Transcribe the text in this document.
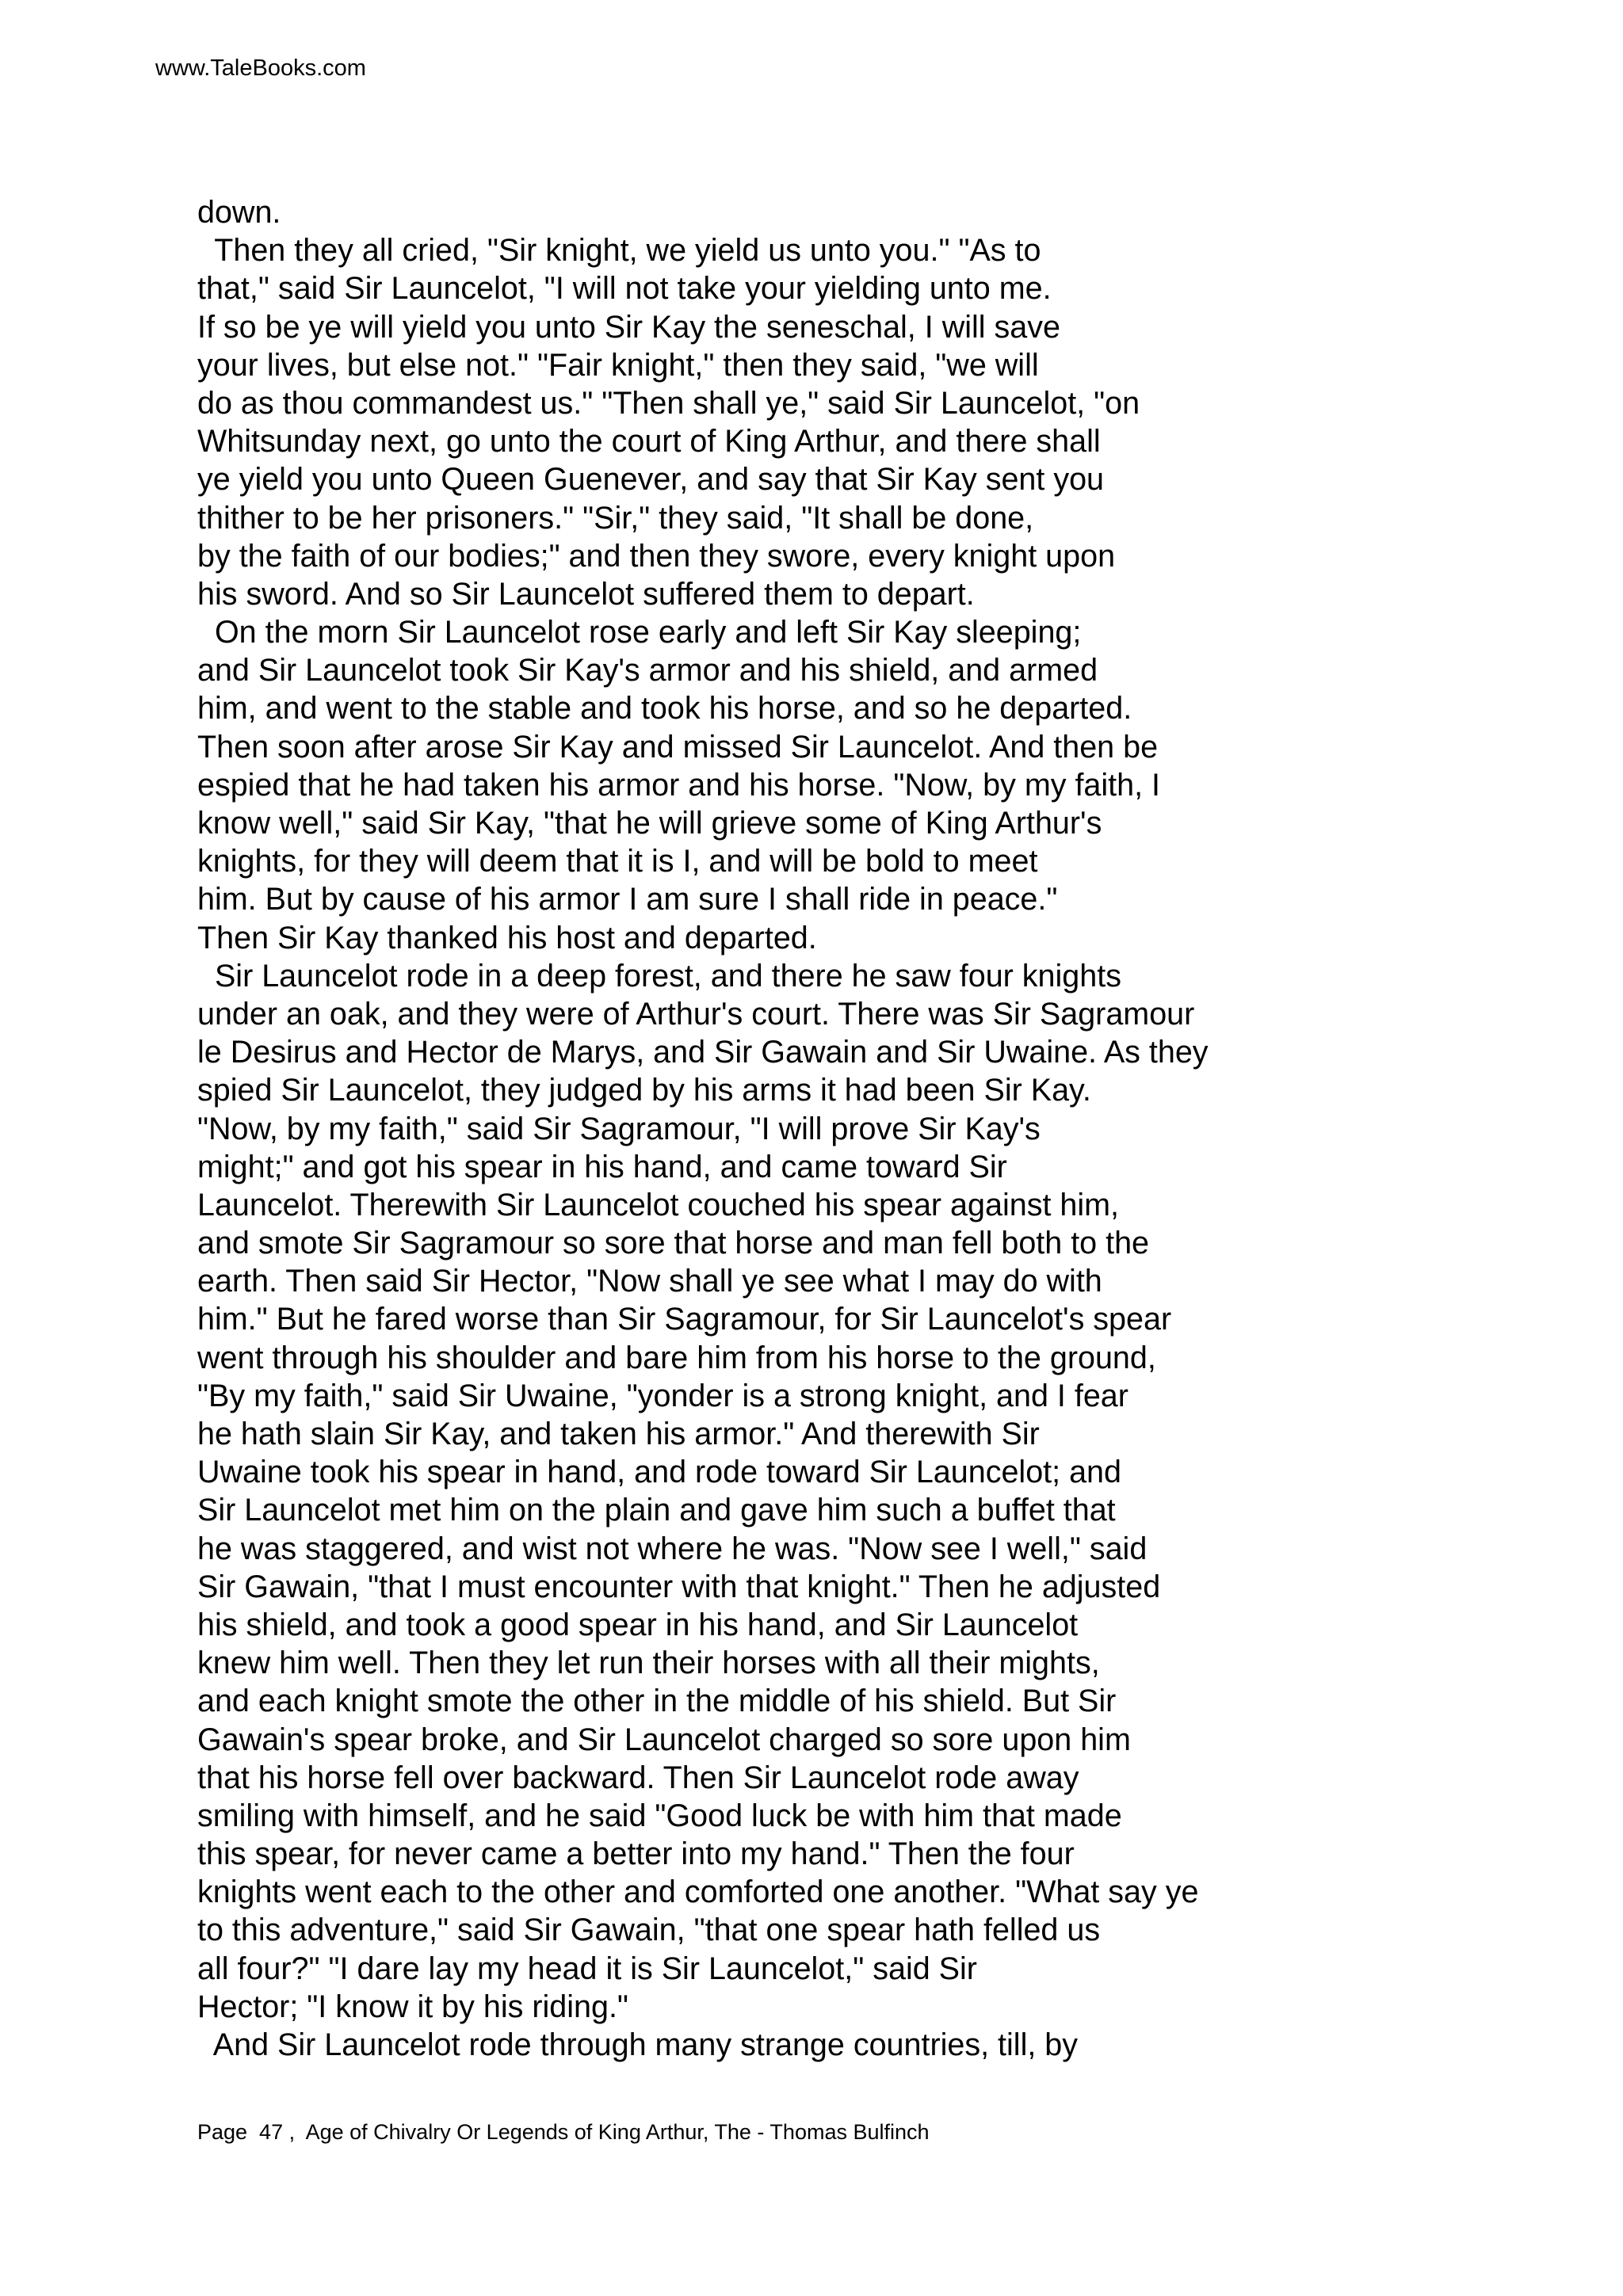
www.TaleBooks.com
down.
Then they all cried, "Sir knight, we yield us unto you." "As to
that," said Sir Launcelot, "I will not take your yielding unto me.
If so be ye will yield you unto Sir Kay the seneschal, I will save
your lives, but else not." "Fair knight," then they said, "we will
do as thou commandest us." "Then shall ye," said Sir Launcelot, "on
Whitsunday next, go unto the court of King Arthur, and there shall
ye yield you unto Queen Guenever, and say that Sir Kay sent you
thither to be her prisoners." "Sir," they said, "It shall be done,
by the faith of our bodies;" and then they swore, every knight upon
his sword. And so Sir Launcelot suffered them to depart.
On the morn Sir Launcelot rose early and left Sir Kay sleeping;
and Sir Launcelot took Sir Kay's armor and his shield, and armed
him, and went to the stable and took his horse, and so he departed.
Then soon after arose Sir Kay and missed Sir Launcelot. And then be
espied that he had taken his armor and his horse. "Now, by my faith, I
know well," said Sir Kay, "that he will grieve some of King Arthur's
knights, for they will deem that it is I, and will be bold to meet
him. But by cause of his armor I am sure I shall ride in peace."
Then Sir Kay thanked his host and departed.
Sir Launcelot rode in a deep forest, and there he saw four knights
under an oak, and they were of Arthur's court. There was Sir Sagramour
le Desirus and Hector de Marys, and Sir Gawain and Sir Uwaine. As they
spied Sir Launcelot, they judged by his arms it had been Sir Kay.
"Now, by my faith," said Sir Sagramour, "I will prove Sir Kay's
might;" and got his spear in his hand, and came toward Sir
Launcelot. Therewith Sir Launcelot couched his spear against him,
and smote Sir Sagramour so sore that horse and man fell both to the
earth. Then said Sir Hector, "Now shall ye see what I may do with
him." But he fared worse than Sir Sagramour, for Sir Launcelot's spear
went through his shoulder and bare him from his horse to the ground,
"By my faith," said Sir Uwaine, "yonder is a strong knight, and I fear
he hath slain Sir Kay, and taken his armor." And therewith Sir
Uwaine took his spear in hand, and rode toward Sir Launcelot; and
Sir Launcelot met him on the plain and gave him such a buffet that
he was staggered, and wist not where he was. "Now see I well," said
Sir Gawain, "that I must encounter with that knight." Then he adjusted
his shield, and took a good spear in his hand, and Sir Launcelot
knew him well. Then they let run their horses with all their mights,
and each knight smote the other in the middle of his shield. But Sir
Gawain's spear broke, and Sir Launcelot charged so sore upon him
that his horse fell over backward. Then Sir Launcelot rode away
smiling with himself, and he said "Good luck be with him that made
this spear, for never came a better into my hand." Then the four
knights went each to the other and comforted one another. "What say ye
to this adventure," said Sir Gawain, "that one spear hath felled us
all four?" "I dare lay my head it is Sir Launcelot," said Sir
Hector; "I know it by his riding."
And Sir Launcelot rode through many strange countries, till, by
Page  47 ,  Age of Chivalry Or Legends of King Arthur, The - Thomas Bulfinch
